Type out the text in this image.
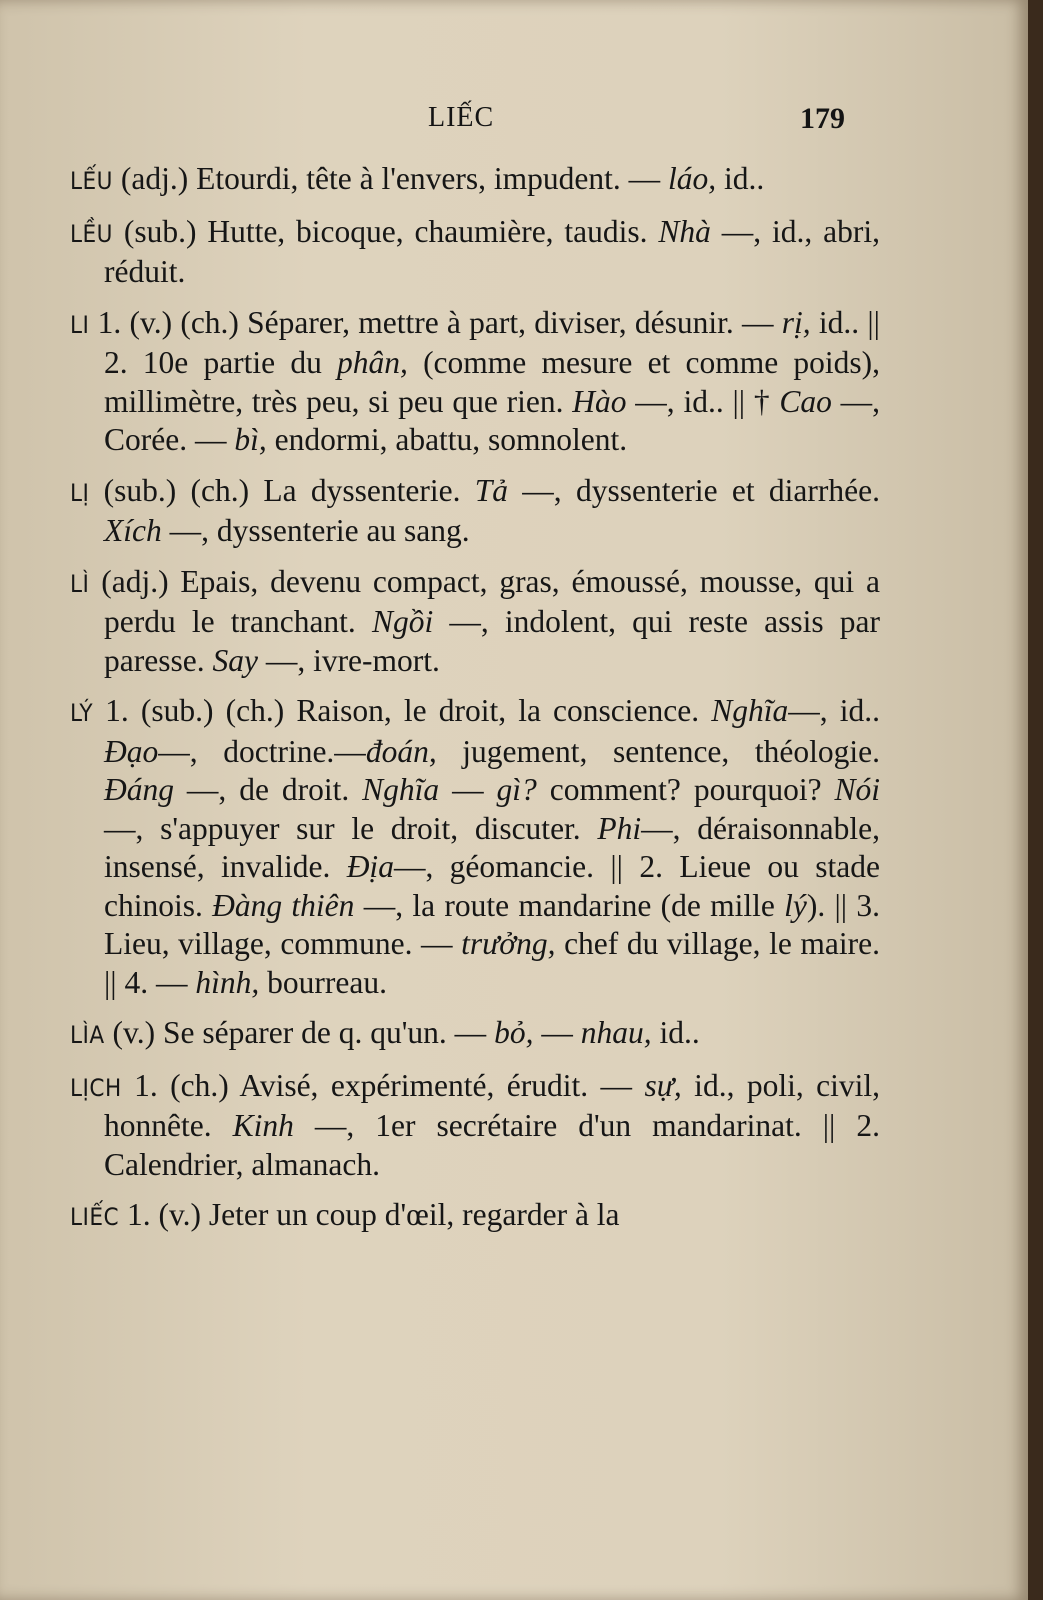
LIẾC	179

LẾU (adj.) Etourdi, tête à l'envers, impudent. — láo, id..

LỀU (sub.) Hutte, bicoque, chaumière, taudis. Nhà —, id., abri, réduit.

LI 1. (v.) (ch.) Séparer, mettre à part, diviser, désunir. — rị, id.. || 2. 10e partie du phân, (comme mesure et comme poids), millimètre, très peu, si peu que rien. Hào —, id.. || † Cao —, Corée. — bì, endormi, abattu, somnolent.

LỊ (sub.) (ch.) La dyssenterie. Tả —, dyssenterie et diarrhée. Xích —, dyssenterie au sang.

LÌ (adj.) Epais, devenu compact, gras, émoussé, mousse, qui a perdu le tranchant. Ngồi —, indolent, qui reste assis par paresse. Say —, ivre-mort.

LÝ 1. (sub.) (ch.) Raison, le droit, la conscience. Nghĩa—, id.. Đạo—, doctrine.—đoán, jugement, sentence, théologie. Đáng —, de droit. Nghĩa — gì? comment? pourquoi? Nói —, s'appuyer sur le droit, discuter. Phi—, déraisonnable, insensé, invalide. Địa—, géomancie. || 2. Lieue ou stade chinois. Đàng thiên —, la route mandarine (de mille lý). || 3. Lieu, village, commune. — trưởng, chef du village, le maire. || 4. — hình, bourreau.

LÌA (v.) Se séparer de q. qu'un. — bỏ, — nhau, id..

LỊCH 1. (ch.) Avisé, expérimenté, érudit. — sự, id., poli, civil, honnête. Kinh —, 1er secrétaire d'un mandarinat. || 2. Calendrier, almanach.

LIẾC 1. (v.) Jeter un coup d'œil, regarder à la
